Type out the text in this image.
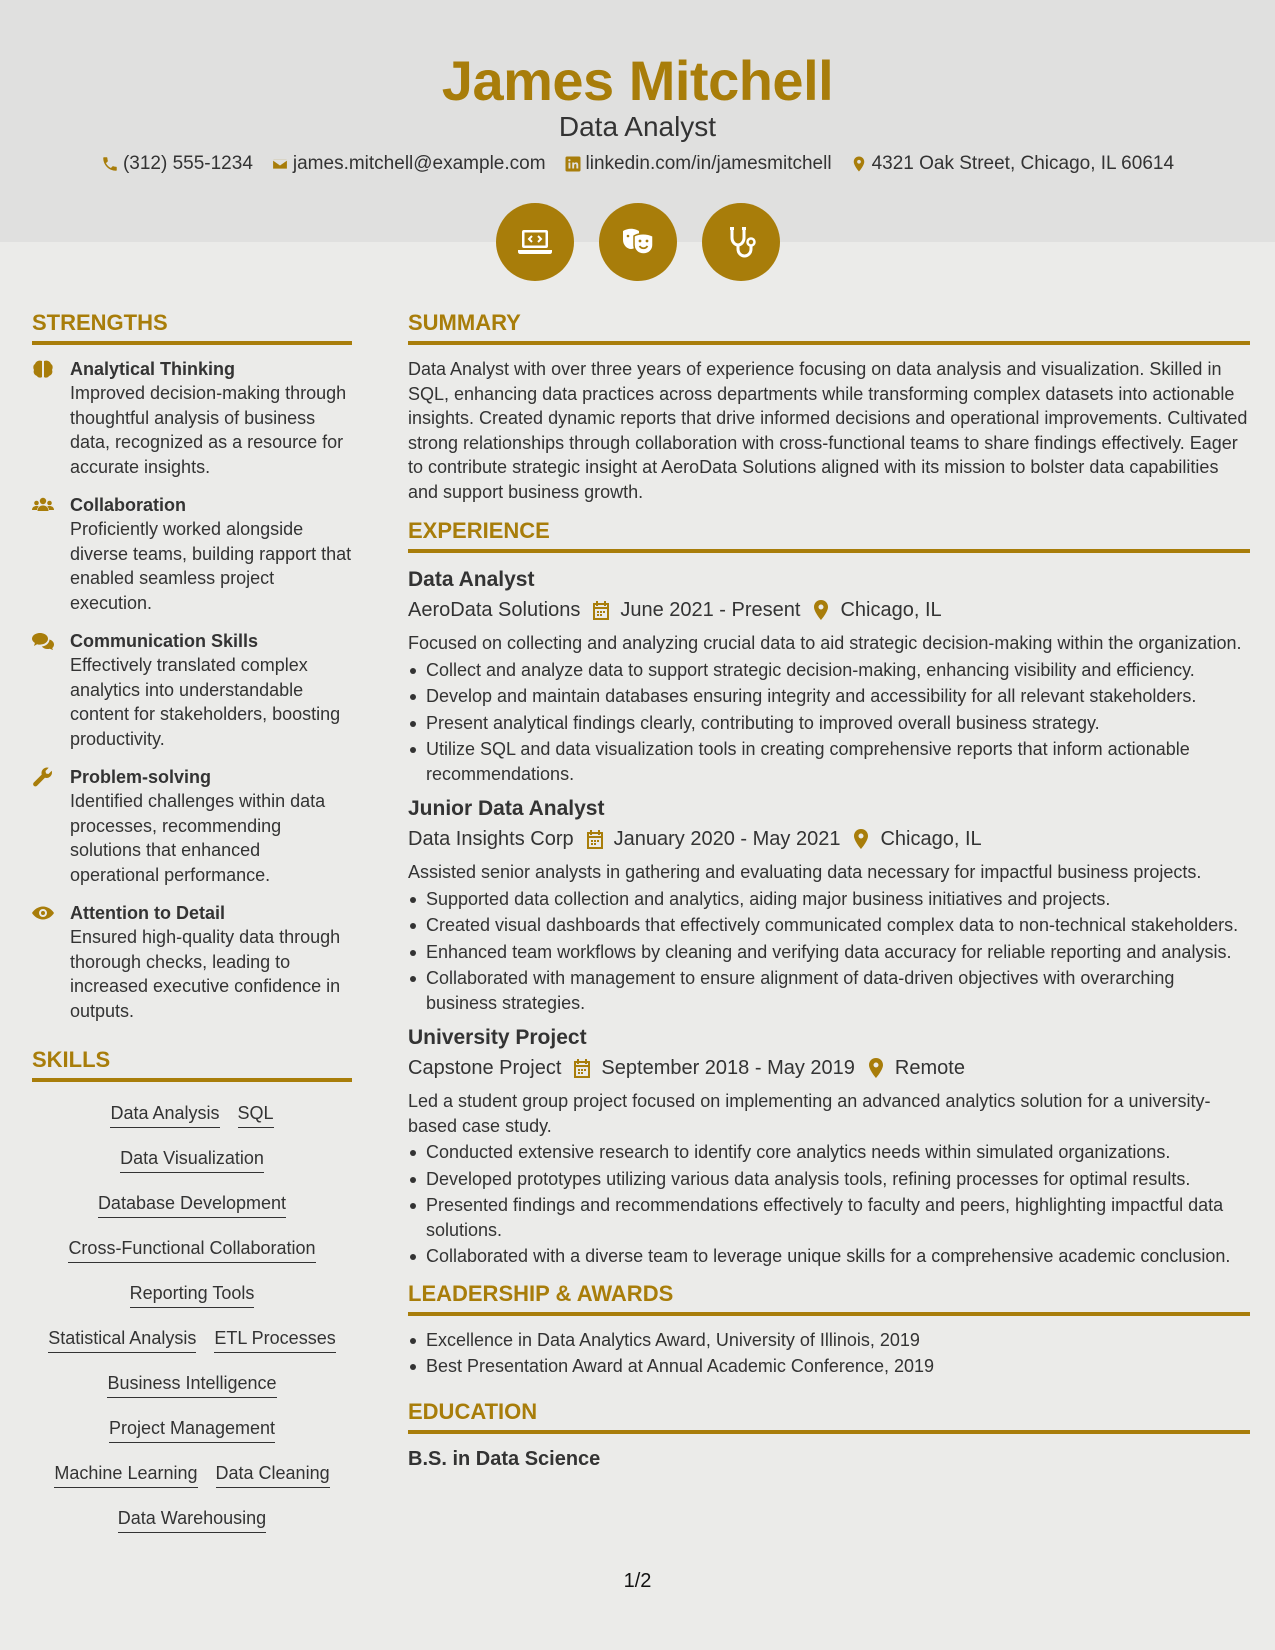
James Mitchell
Data Analyst
(312) 555-1234 james.mitchell@example.com linkedin.com/in/jamesmitchell 4321 Oak Street, Chicago, IL 60614
STRENGTHS
Analytical Thinking
Improved decision-making through thoughtful analysis of business data, recognized as a resource for accurate insights.
Collaboration
Proficiently worked alongside diverse teams, building rapport that enabled seamless project execution.
Communication Skills
Effectively translated complex analytics into understandable content for stakeholders, boosting productivity.
Problem-solving
Identified challenges within data processes, recommending solutions that enhanced operational performance.
Attention to Detail
Ensured high-quality data through thorough checks, leading to increased executive confidence in outputs.
SKILLS
Data Analysis SQL
Data Visualization
Database Development
Cross-Functional Collaboration
Reporting Tools
Statistical Analysis ETL Processes
Business Intelligence
Project Management
Machine Learning Data Cleaning
Data Warehousing
SUMMARY
Data Analyst with over three years of experience focusing on data analysis and visualization. Skilled in SQL, enhancing data practices across departments while transforming complex datasets into actionable insights. Created dynamic reports that drive informed decisions and operational improvements. Cultivated strong relationships through collaboration with cross-functional teams to share findings effectively. Eager to contribute strategic insight at AeroData Solutions aligned with its mission to bolster data capabilities and support business growth.
EXPERIENCE
Data Analyst
AeroData Solutions June 2021 - Present Chicago, IL
Focused on collecting and analyzing crucial data to aid strategic decision-making within the organization.
Collect and analyze data to support strategic decision-making, enhancing visibility and efficiency.
Develop and maintain databases ensuring integrity and accessibility for all relevant stakeholders.
Present analytical findings clearly, contributing to improved overall business strategy.
Utilize SQL and data visualization tools in creating comprehensive reports that inform actionable recommendations.
Junior Data Analyst
Data Insights Corp January 2020 - May 2021 Chicago, IL
Assisted senior analysts in gathering and evaluating data necessary for impactful business projects.
Supported data collection and analytics, aiding major business initiatives and projects.
Created visual dashboards that effectively communicated complex data to non-technical stakeholders.
Enhanced team workflows by cleaning and verifying data accuracy for reliable reporting and analysis.
Collaborated with management to ensure alignment of data-driven objectives with overarching business strategies.
University Project
Capstone Project September 2018 - May 2019 Remote
Led a student group project focused on implementing an advanced analytics solution for a university-based case study.
Conducted extensive research to identify core analytics needs within simulated organizations.
Developed prototypes utilizing various data analysis tools, refining processes for optimal results.
Presented findings and recommendations effectively to faculty and peers, highlighting impactful data solutions.
Collaborated with a diverse team to leverage unique skills for a comprehensive academic conclusion.
LEADERSHIP & AWARDS
Excellence in Data Analytics Award, University of Illinois, 2019
Best Presentation Award at Annual Academic Conference, 2019
EDUCATION
B.S. in Data Science
1/2
